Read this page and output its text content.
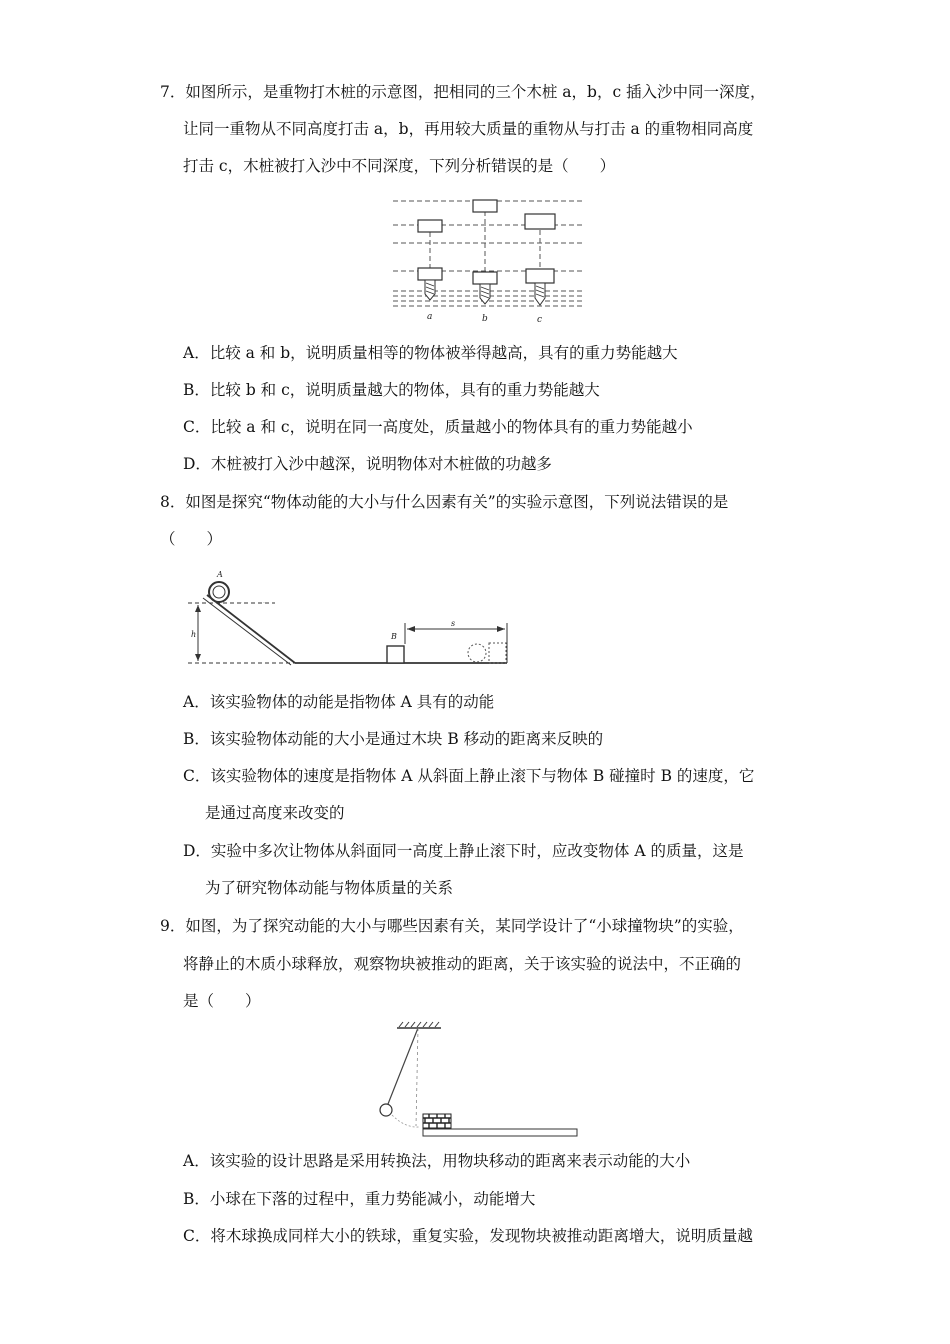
7．如图所示，是重物打木桩的示意图，把相同的三个木桩 a，b，c 插入沙中同一深度，
让同一重物从不同高度打击 a，b，再用较大质量的重物从与打击 a 的重物相同高度
打击 c，木桩被打入沙中不同深度，下列分析错误的是（　　）
a	b	c
A．比较 a 和 b，说明质量相等的物体被举得越高，具有的重力势能越大
B．比较 b 和 c，说明质量越大的物体，具有的重力势能越大
C．比较 a 和 c，说明在同一高度处，质量越小的物体具有的重力势能越小
D．木桩被打入沙中越深，说明物体对木桩做的功越多
8．如图是探究“物体动能的大小与什么因素有关”的实验示意图，下列说法错误的是
（　　）
h
A
·	·
B
s
A．该实验物体的动能是指物体 A 具有的动能
B．该实验物体动能的大小是通过木块 B 移动的距离来反映的
C．该实验物体的速度是指物体 A 从斜面上静止滚下与物体 B 碰撞时 B 的速度，它
是通过高度来改变的
D．实验中多次让物体从斜面同一高度上静止滚下时，应改变物体 A 的质量，这是
为了研究物体动能与物体质量的关系
9．如图，为了探究动能的大小与哪些因素有关，某同学设计了“小球撞物块”的实验，
将静止的木质小球释放，观察物块被推动的距离，关于该实验的说法中，不正确的
是（　　）
A．该实验的设计思路是采用转换法，用物块移动的距离来表示动能的大小
B．小球在下落的过程中，重力势能减小，动能增大
C．将木球换成同样大小的铁球，重复实验，发现物块被推动距离增大，说明质量越
